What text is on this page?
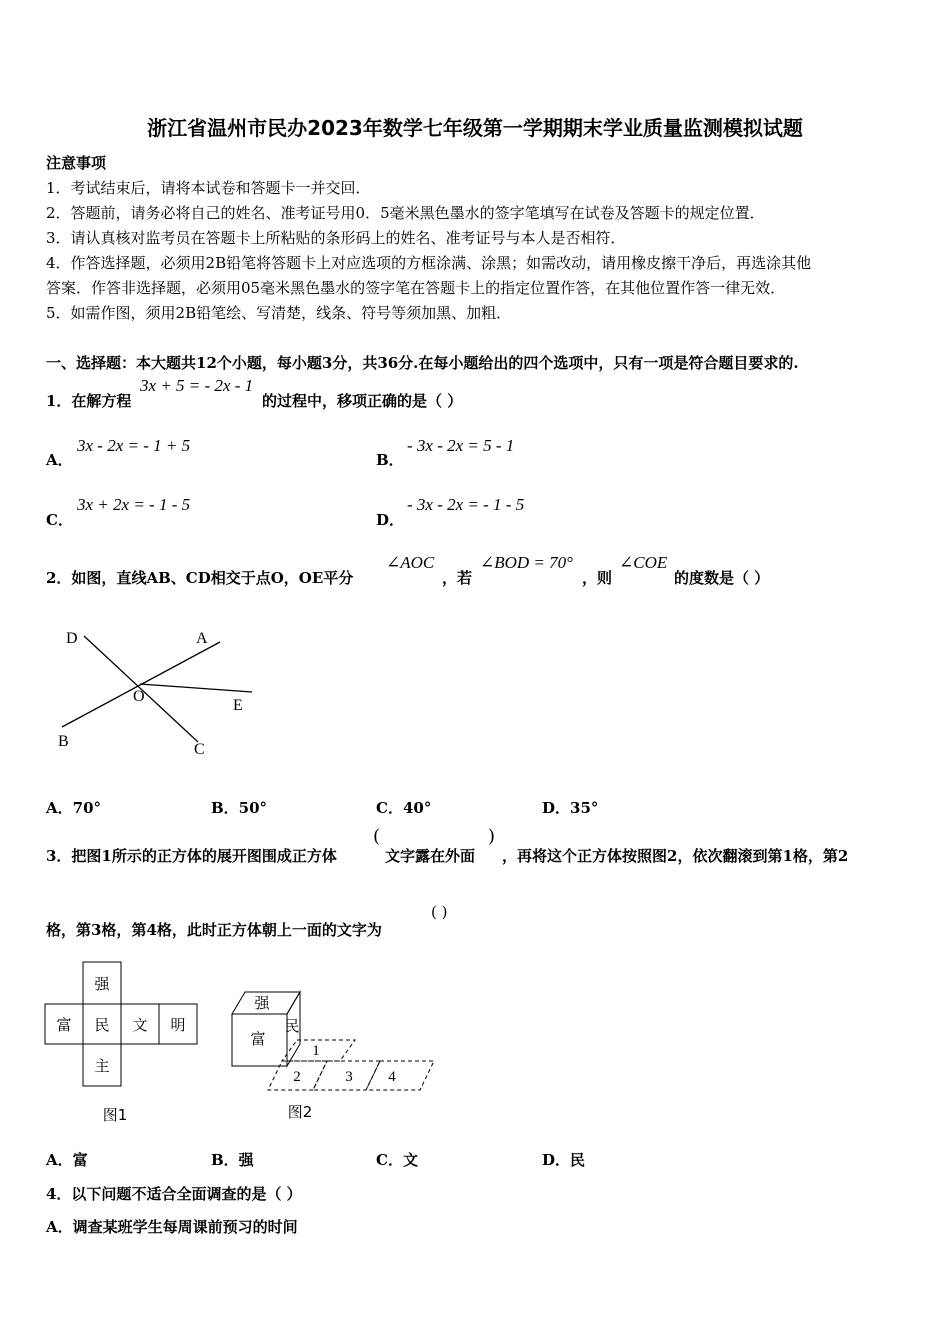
浙江省温州市民办2023年数学七年级第一学期期末学业质量监测模拟试题
注意事项
1．考试结束后，请将本试卷和答题卡一并交回．
2．答题前，请务必将自己的姓名、准考证号用0．5毫米黑色墨水的签字笔填写在试卷及答题卡的规定位置．
3．请认真核对监考员在答题卡上所粘贴的条形码上的姓名、准考证号与本人是否相符．
4．作答选择题，必须用2B铅笔将答题卡上对应选项的方框涂满、涂黑；如需改动，请用橡皮擦干净后，再选涂其他
答案．作答非选择题，必须用05毫米黑色墨水的签字笔在答题卡上的指定位置作答，在其他位置作答一律无效．
5．如需作图，须用2B铅笔绘、写清楚，线条、符号等须加黑、加粗．
一、选择题：本大题共12个小题，每小题3分，共36分.在每小题给出的四个选项中，只有一项是符合题目要求的.
1．在解方程
3x + 5 = - 2x - 1
的过程中，移项正确的是（ ）
A．
3x - 2x = - 1 + 5
B．
- 3x - 2x = 5 - 1
C．
3x + 2x = - 1 - 5
D．
- 3x - 2x = - 1 - 5
2．如图，直线AB、CD相交于点O，OE平分
∠AOC
，若
∠BOD = 70°
，则
∠COE
的度数是（ ）
D	A
O
E
B	C
A．70°	B．50°	C．40°	D．35°
3．把图1所示的正方体的展开图围成正方体
(
文字露在外面
)
，再将这个正方体按照图2，依次翻滚到第1格，第2
格，第3格，第4格，此时正方体朝上一面的文字为
( )
强
富 民 文 明
主
图1
强
富
民
1
2	3 4
图2
A．富	B．强	C．文	D．民
4．以下问题不适合全面调查的是（ ）
A．调查某班学生每周课前预习的时间
